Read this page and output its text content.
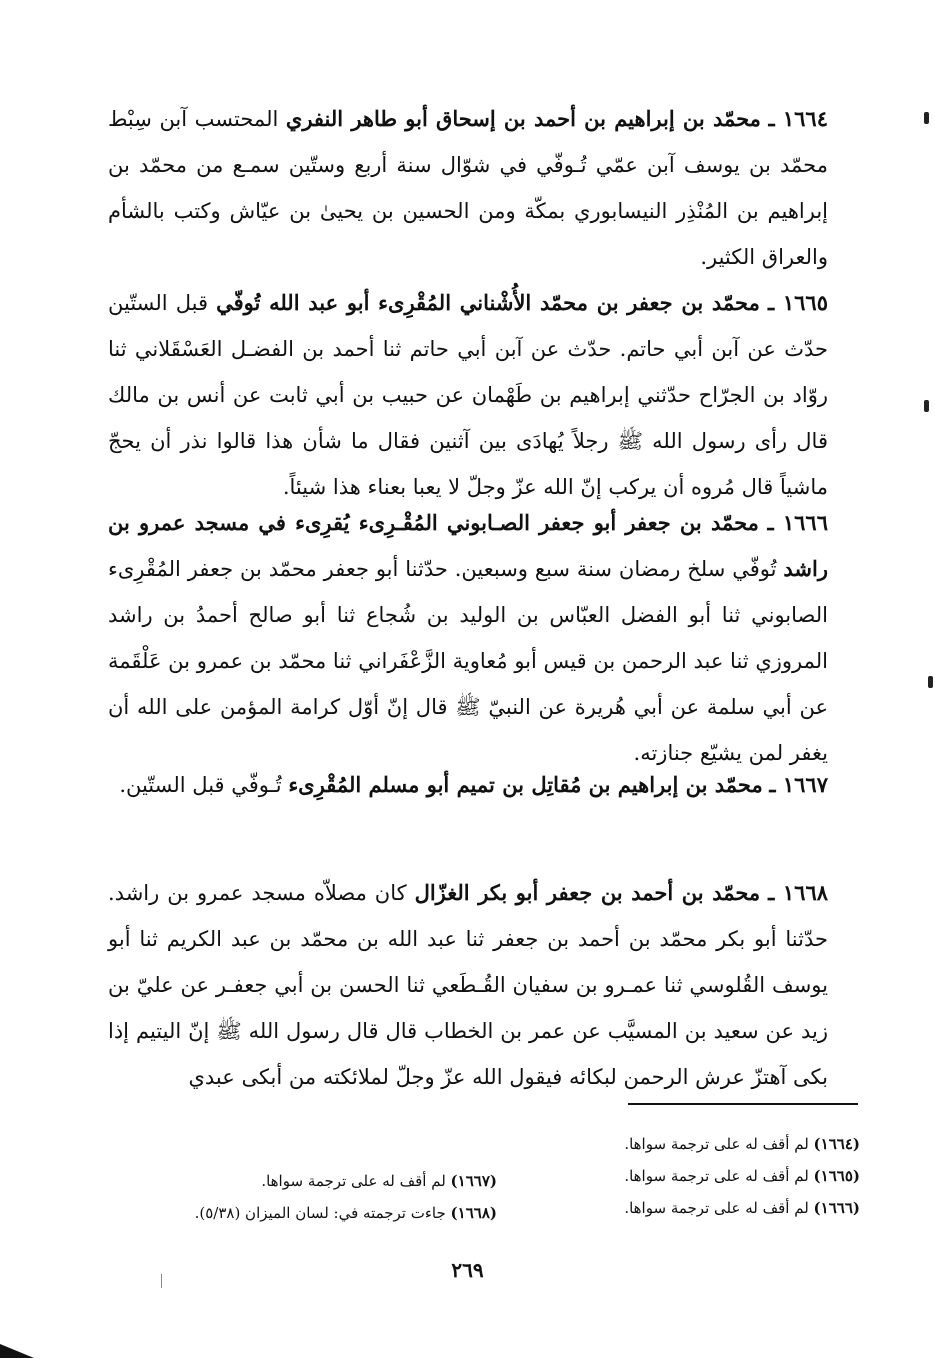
١٦٦٤ ـ محمّد بن إبراهيم بن أحمد بن إسحاق أبو طاهر النفري المحتسب آبن سِبْط محمّد بن يوسف آبن عمّي تُـوفّي في شوّال سنة أربع وستّين سمـع من محمّد بن إبراهيم بن المُنْذِر النيسابوري بمكّة ومن الحسين بن يحيىٰ بن عيّاش وكتب بالشأم والعراق الكثير.
١٦٦٥ ـ محمّد بن جعفر بن محمّد الأُشْناني المُقْرِىء أبو عبد الله تُوفّي قبل الستّين حدّث عن آبن أبي حاتم. حدّث عن آبن أبي حاتم ثنا أحمد بن الفضـل العَسْقَلاني ثنا روّاد بن الجرّاح حدّثني إبراهيم بن طَهْمان عن حبيب بن أبي ثابت عن أنس بن مالك قال رأى رسول الله ﷺ رجلاً يُهادَى بين آثنين فقال ما شأن هذا قالوا نذر أن يحجّ ماشياً قال مُروه أن يركب إنّ الله عزّ وجلّ لا يعبا بعناء هذا شيئاً.
١٦٦٦ ـ محمّد بن جعفر أبو جعفر الصـابوني المُقْـرِىء يُقرِىء في مسجد عمرو بن راشد تُوفّي سلخ رمضان سنة سبع وسبعين. حدّثنا أبو جعفر محمّد بن جعفر المُقْرِىء الصابوني ثنا أبو الفضل العبّاس بن الوليد بن شُجاع ثنا أبو صالح أحمدُ بن راشد المروزي ثنا عبد الرحمن بن قيس أبو مُعاوية الزَّعْفَراني ثنا محمّد بن عمرو بن عَلْقَمة عن أبي سلمة عن أبي هُريرة عن النبيّ ﷺ قال إنّ أوّل كرامة المؤمن على الله أن يغفر لمن يشيّع جنازته.
١٦٦٧ ـ محمّد بن إبراهيم بن مُقاتِل بن تميم أبو مسلم المُقْرِىء تُـوفّي قبل الستّين.
١٦٦٨ ـ محمّد بن أحمد بن جعفر أبو بكر الغزّال كان مصلاّه مسجد عمرو بن راشد. حدّثنا أبو بكر محمّد بن أحمد بن جعفر ثنا عبد الله بن محمّد بن عبد الكريم ثنا أبو يوسف القُلوسي ثنا عمـرو بن سفيان القُـطَعي ثنا الحسن بن أبي جعفـر عن عليّ بن زيد عن سعيد بن المسيَّب عن عمر بن الخطاب قال قال رسول الله ﷺ إنّ اليتيم إذا بكى آهتزّ عرش الرحمن لبكائه فيقول الله عزّ وجلّ لملائكته من أبكى عبدي
(١٦٦٤) لم أقف له على ترجمة سواها.
(١٦٦٥) لم أقف له على ترجمة سواها.
(١٦٦٦) لم أقف له على ترجمة سواها.
(١٦٦٧) لم أقف له على ترجمة سواها.
(١٦٦٨) جاءت ترجمته في: لسان الميزان (٥/٣٨).
٢٦٩
